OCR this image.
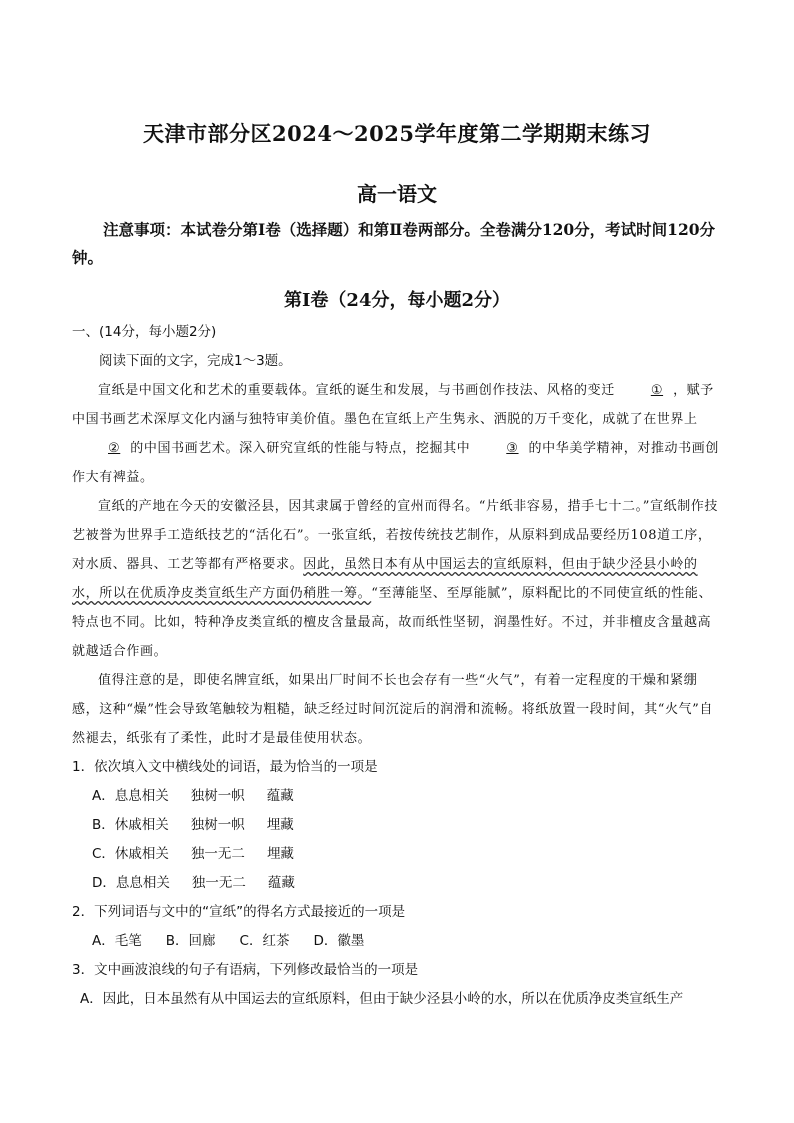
天津市部分区2024～2025学年度第二学期期末练习
高一语文
注意事项：本试卷分第Ⅰ卷（选择题）和第Ⅱ卷两部分。全卷满分120分，考试时间120分钟。
第Ⅰ卷（24分，每小题2分）

一、(14分，每小题2分)

阅读下面的文字，完成1～3题。

宣纸是中国文化和艺术的重要载体。宣纸的诞生和发展，与书画创作技法、风格的变迁	① ，赋予中国书画艺术深厚文化内涵与独特审美价值。墨色在宣纸上产生隽永、洒脱的万千变化，成就了在世界上② 的中国书画艺术。深入研究宣纸的性能与特点，挖掘其中	③ 的中华美学精神，对推动书画创作大有裨益。

宣纸的产地在今天的安徽泾县，因其隶属于曾经的宣州而得名。“片纸非容易，措手七十二。”宣纸制作技艺被誉为世界手工造纸技艺的“活化石”。一张宣纸，若按传统技艺制作，从原料到成品要经历108道工序，对水质、器具、工艺等都有严格要求。因此，虽然日本有从中国运去的宣纸原料，但由于缺少泾县小岭的水，所以在优质净皮类宣纸生产方面仍稍胜一筹。“至薄能坚、至厚能腻”，原料配比的不同使宣纸的性能、特点也不同。比如，特种净皮类宣纸的檀皮含量最高，故而纸性坚韧，润墨性好。不过，并非檀皮含量越高就越适合作画。

值得注意的是，即使名牌宣纸，如果出厂时间不长也会存有一些“火气”，有着一定程度的干燥和紧绷感，这种“燥”性会导致笔触较为粗糙，缺乏经过时间沉淀后的润滑和流畅。将纸放置一段时间，其“火气”自然褪去，纸张有了柔性，此时才是最佳使用状态。

1．依次填入文中横线处的词语，最为恰当的一项是

A．息息相关 独树一帜 蕴藏

B．休戚相关 独树一帜 埋藏

C．休戚相关 独一无二 埋藏

D．息息相关 独一无二 蕴藏

2．下列词语与文中的“宣纸”的得名方式最接近的一项是

A．毛笔 B．回廊 C．红茶 D．徽墨

3．文中画波浪线的句子有语病，下列修改最恰当的一项是

A．因此，日本虽然有从中国运去的宣纸原料，但由于缺少泾县小岭的水，所以在优质净皮类宣纸生产
